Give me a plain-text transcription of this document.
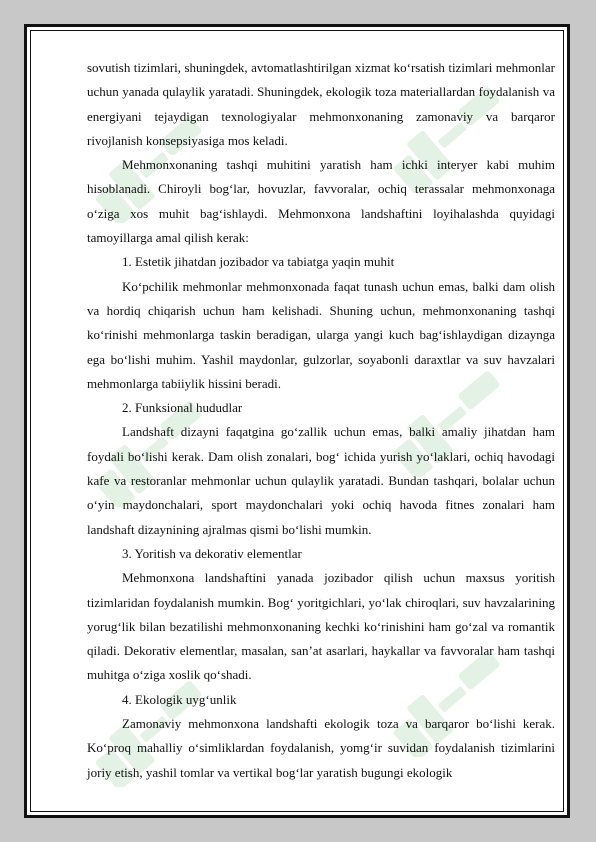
sovutish tizimlari, shuningdek, avtomatlashtirilgan xizmat ko‘rsatish tizimlari mehmonlar uchun yanada qulaylik yaratadi. Shuningdek, ekologik toza materiallardan foydalanish va energiyani tejaydigan texnologiyalar mehmonxonaning zamonaviy va barqaror rivojlanish konsepsiyasiga mos keladi.

Mehmonxonaning tashqi muhitini yaratish ham ichki interyer kabi muhim hisoblanadi. Chiroyli bog‘lar, hovuzlar, favvoralar, ochiq terassalar mehmonxonaga o‘ziga xos muhit bag‘ishlaydi. Mehmonxona landshaftini loyihalashda quyidagi tamoyillarga amal qilish kerak:

1. Estetik jihatdan jozibador va tabiatga yaqin muhit

Ko‘pchilik mehmonlar mehmonxonada faqat tunash uchun emas, balki dam olish va hordiq chiqarish uchun ham kelishadi. Shuning uchun, mehmonxonaning tashqi ko‘rinishi mehmonlarga taskin beradigan, ularga yangi kuch bag‘ishlaydigan dizaynga ega bo‘lishi muhim. Yashil maydonlar, gulzorlar, soyabonli daraxtlar va suv havzalari mehmonlarga tabiiylik hissini beradi.

2. Funksional hududlar

Landshaft dizayni faqatgina go‘zallik uchun emas, balki amaliy jihatdan ham foydali bo‘lishi kerak. Dam olish zonalari, bog‘ ichida yurish yo‘laklari, ochiq havodagi kafe va restoranlar mehmonlar uchun qulaylik yaratadi. Bundan tashqari, bolalar uchun o‘yin maydonchalari, sport maydonchalari yoki ochiq havoda fitnes zonalari ham landshaft dizaynining ajralmas qismi bo‘lishi mumkin.

3. Yoritish va dekorativ elementlar

Mehmonxona landshaftini yanada jozibador qilish uchun maxsus yoritish tizimlaridan foydalanish mumkin. Bog‘ yoritgichlari, yo‘lak chiroqlari, suv havzalarining yorug‘lik bilan bezatilishi mehmonxonaning kechki ko‘rinishini ham go‘zal va romantik qiladi. Dekorativ elementlar, masalan, san’at asarlari, haykallar va favvoralar ham tashqi muhitga o‘ziga xoslik qo‘shadi.

4. Ekologik uyg‘unlik

Zamonaviy mehmonxona landshafti ekologik toza va barqaror bo‘lishi kerak. Ko‘proq mahalliy o‘simliklardan foydalanish, yomg‘ir suvidan foydalanish tizimlarini joriy etish, yashil tomlar va vertikal bog‘lar yaratish bugungi ekologik
